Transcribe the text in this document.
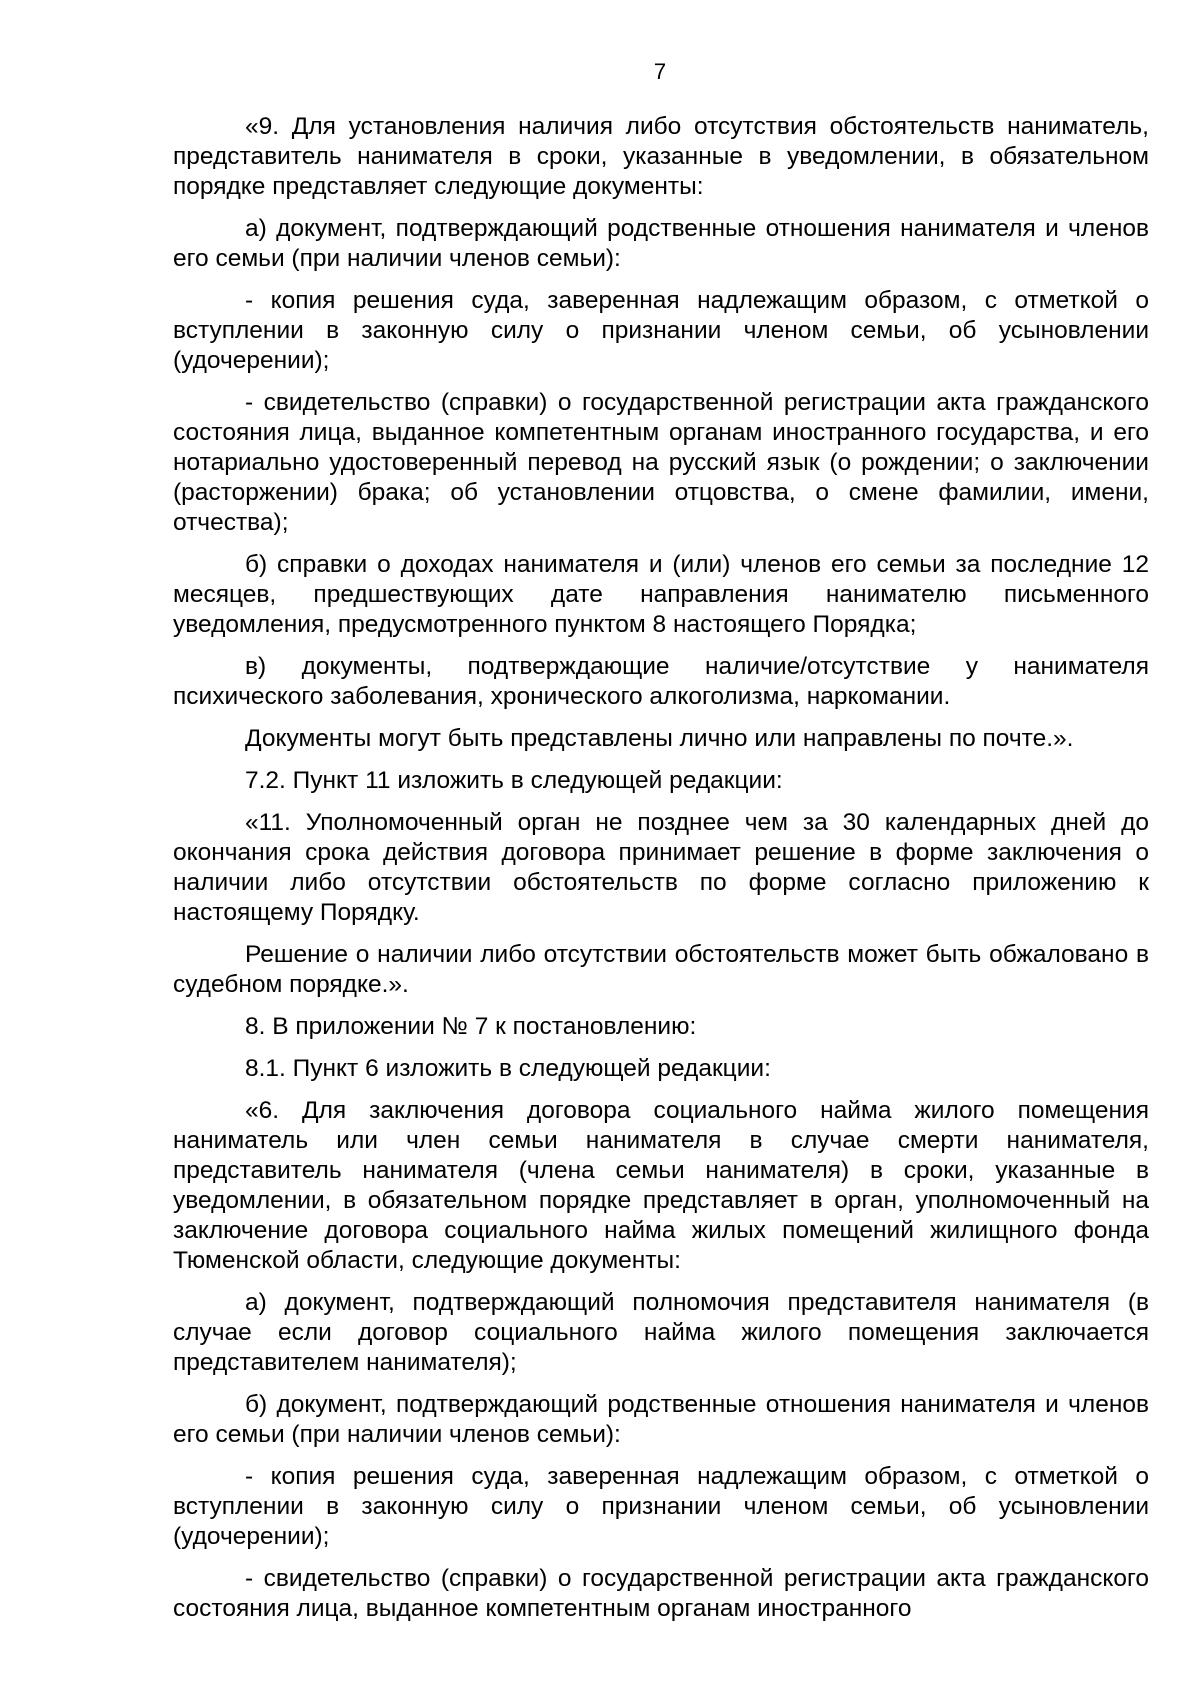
7

«9. Для установления наличия либо отсутствия обстоятельств наниматель, представитель нанимателя в сроки, указанные в уведомлении, в обязательном порядке представляет следующие документы:

а) документ, подтверждающий родственные отношения нанимателя и членов его семьи (при наличии членов семьи):

- копия решения суда, заверенная надлежащим образом, с отметкой о вступлении в законную силу о признании членом семьи, об усыновлении (удочерении);

- свидетельство (справки) о государственной регистрации акта гражданского состояния лица, выданное компетентным органам иностранного государства, и его нотариально удостоверенный перевод на русский язык (о рождении; о заключении (расторжении) брака; об установлении отцовства, о смене фамилии, имени, отчества);

б) справки о доходах нанимателя и (или) членов его семьи за последние 12 месяцев, предшествующих дате направления нанимателю письменного уведомления, предусмотренного пунктом 8 настоящего Порядка;

в) документы, подтверждающие наличие/отсутствие у нанимателя психического заболевания, хронического алкоголизма, наркомании.

Документы могут быть представлены лично или направлены по почте.».

7.2. Пункт 11 изложить в следующей редакции:

«11. Уполномоченный орган не позднее чем за 30 календарных дней до окончания срока действия договора принимает решение в форме заключения о наличии либо отсутствии обстоятельств по форме согласно приложению к настоящему Порядку.

Решение о наличии либо отсутствии обстоятельств может быть обжаловано в судебном порядке.».

8. В приложении № 7 к постановлению:

8.1. Пункт 6 изложить в следующей редакции:

«6. Для заключения договора социального найма жилого помещения наниматель или член семьи нанимателя в случае смерти нанимателя, представитель нанимателя (члена семьи нанимателя) в сроки, указанные в уведомлении, в обязательном порядке представляет в орган, уполномоченный на заключение договора социального найма жилых помещений жилищного фонда Тюменской области, следующие документы:

а) документ, подтверждающий полномочия представителя нанимателя (в случае если договор социального найма жилого помещения заключается представителем нанимателя);

б) документ, подтверждающий родственные отношения нанимателя и членов его семьи (при наличии членов семьи):

- копия решения суда, заверенная надлежащим образом, с отметкой о вступлении в законную силу о признании членом семьи, об усыновлении (удочерении);

- свидетельство (справки) о государственной регистрации акта гражданского состояния лица, выданное компетентным органам иностранного
